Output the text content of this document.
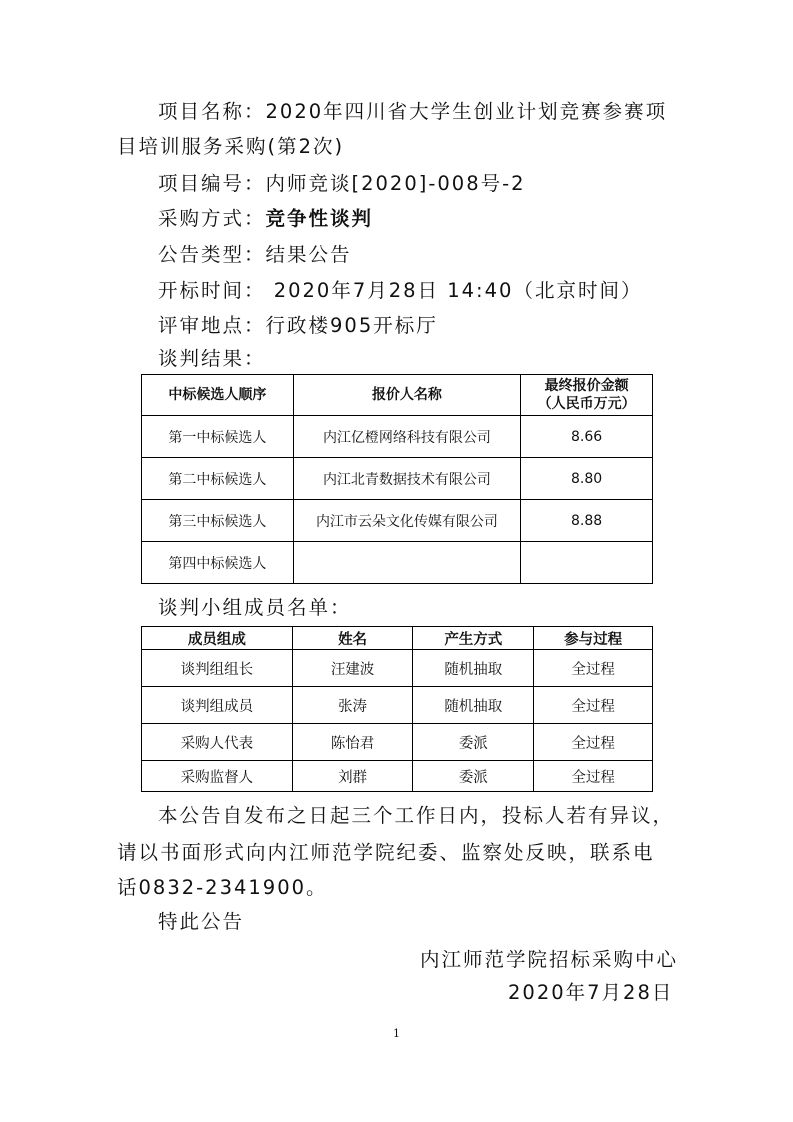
项目名称：2020年四川省大学生创业计划竞赛参赛项
目培训服务采购(第2次)
项目编号：内师竞谈[2020]-008号-2
采购方式：竞争性谈判
公告类型：结果公告
开标时间： 2020年7月28日 14:40（北京时间）
评审地点：行政楼905开标厅
谈判结果：
中标候选人顺序	报价人名称	最终报价金额
（人民币万元）

第一中标候选人	内江亿橙网络科技有限公司	8.66
第二中标候选人	内江北青数据技术有限公司	8.80
第三中标候选人	内江市云朵文化传媒有限公司	8.88
第四中标候选人		
谈判小组成员名单：
成员组成	姓名	产生方式	参与过程
谈判组组长	汪建波	随机抽取	全过程
谈判组成员	张涛	随机抽取	全过程
采购人代表	陈怡君	委派	全过程
采购监督人	刘群	委派	全过程
本公告自发布之日起三个工作日内，投标人若有异议，
请以书面形式向内江师范学院纪委、监察处反映，联系电
话0832-2341900。
特此公告
内江师范学院招标采购中心
2020年7月28日
1
